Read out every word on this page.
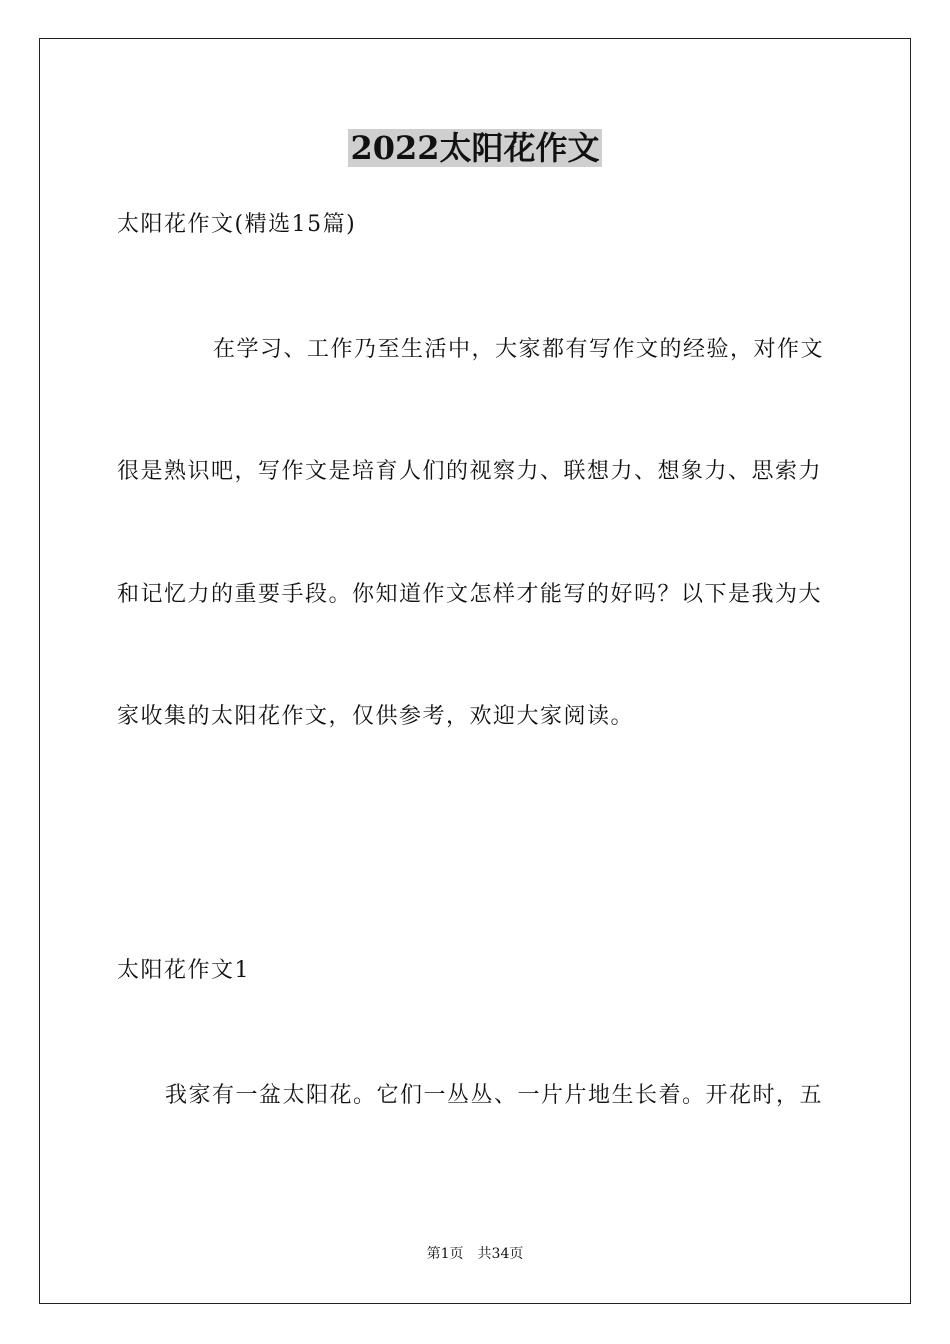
2022太阳花作文
太阳花作文(精选15篇)
在学习、工作乃至生活中，大家都有写作文的经验，对作文
很是熟识吧，写作文是培育人们的视察力、联想力、想象力、思索力
和记忆力的重要手段。你知道作文怎样才能写的好吗？以下是我为大
家收集的太阳花作文，仅供参考，欢迎大家阅读。
太阳花作文1
我家有一盆太阳花。它们一丛丛、一片片地生长着。开花时，五
第1页　共34页
